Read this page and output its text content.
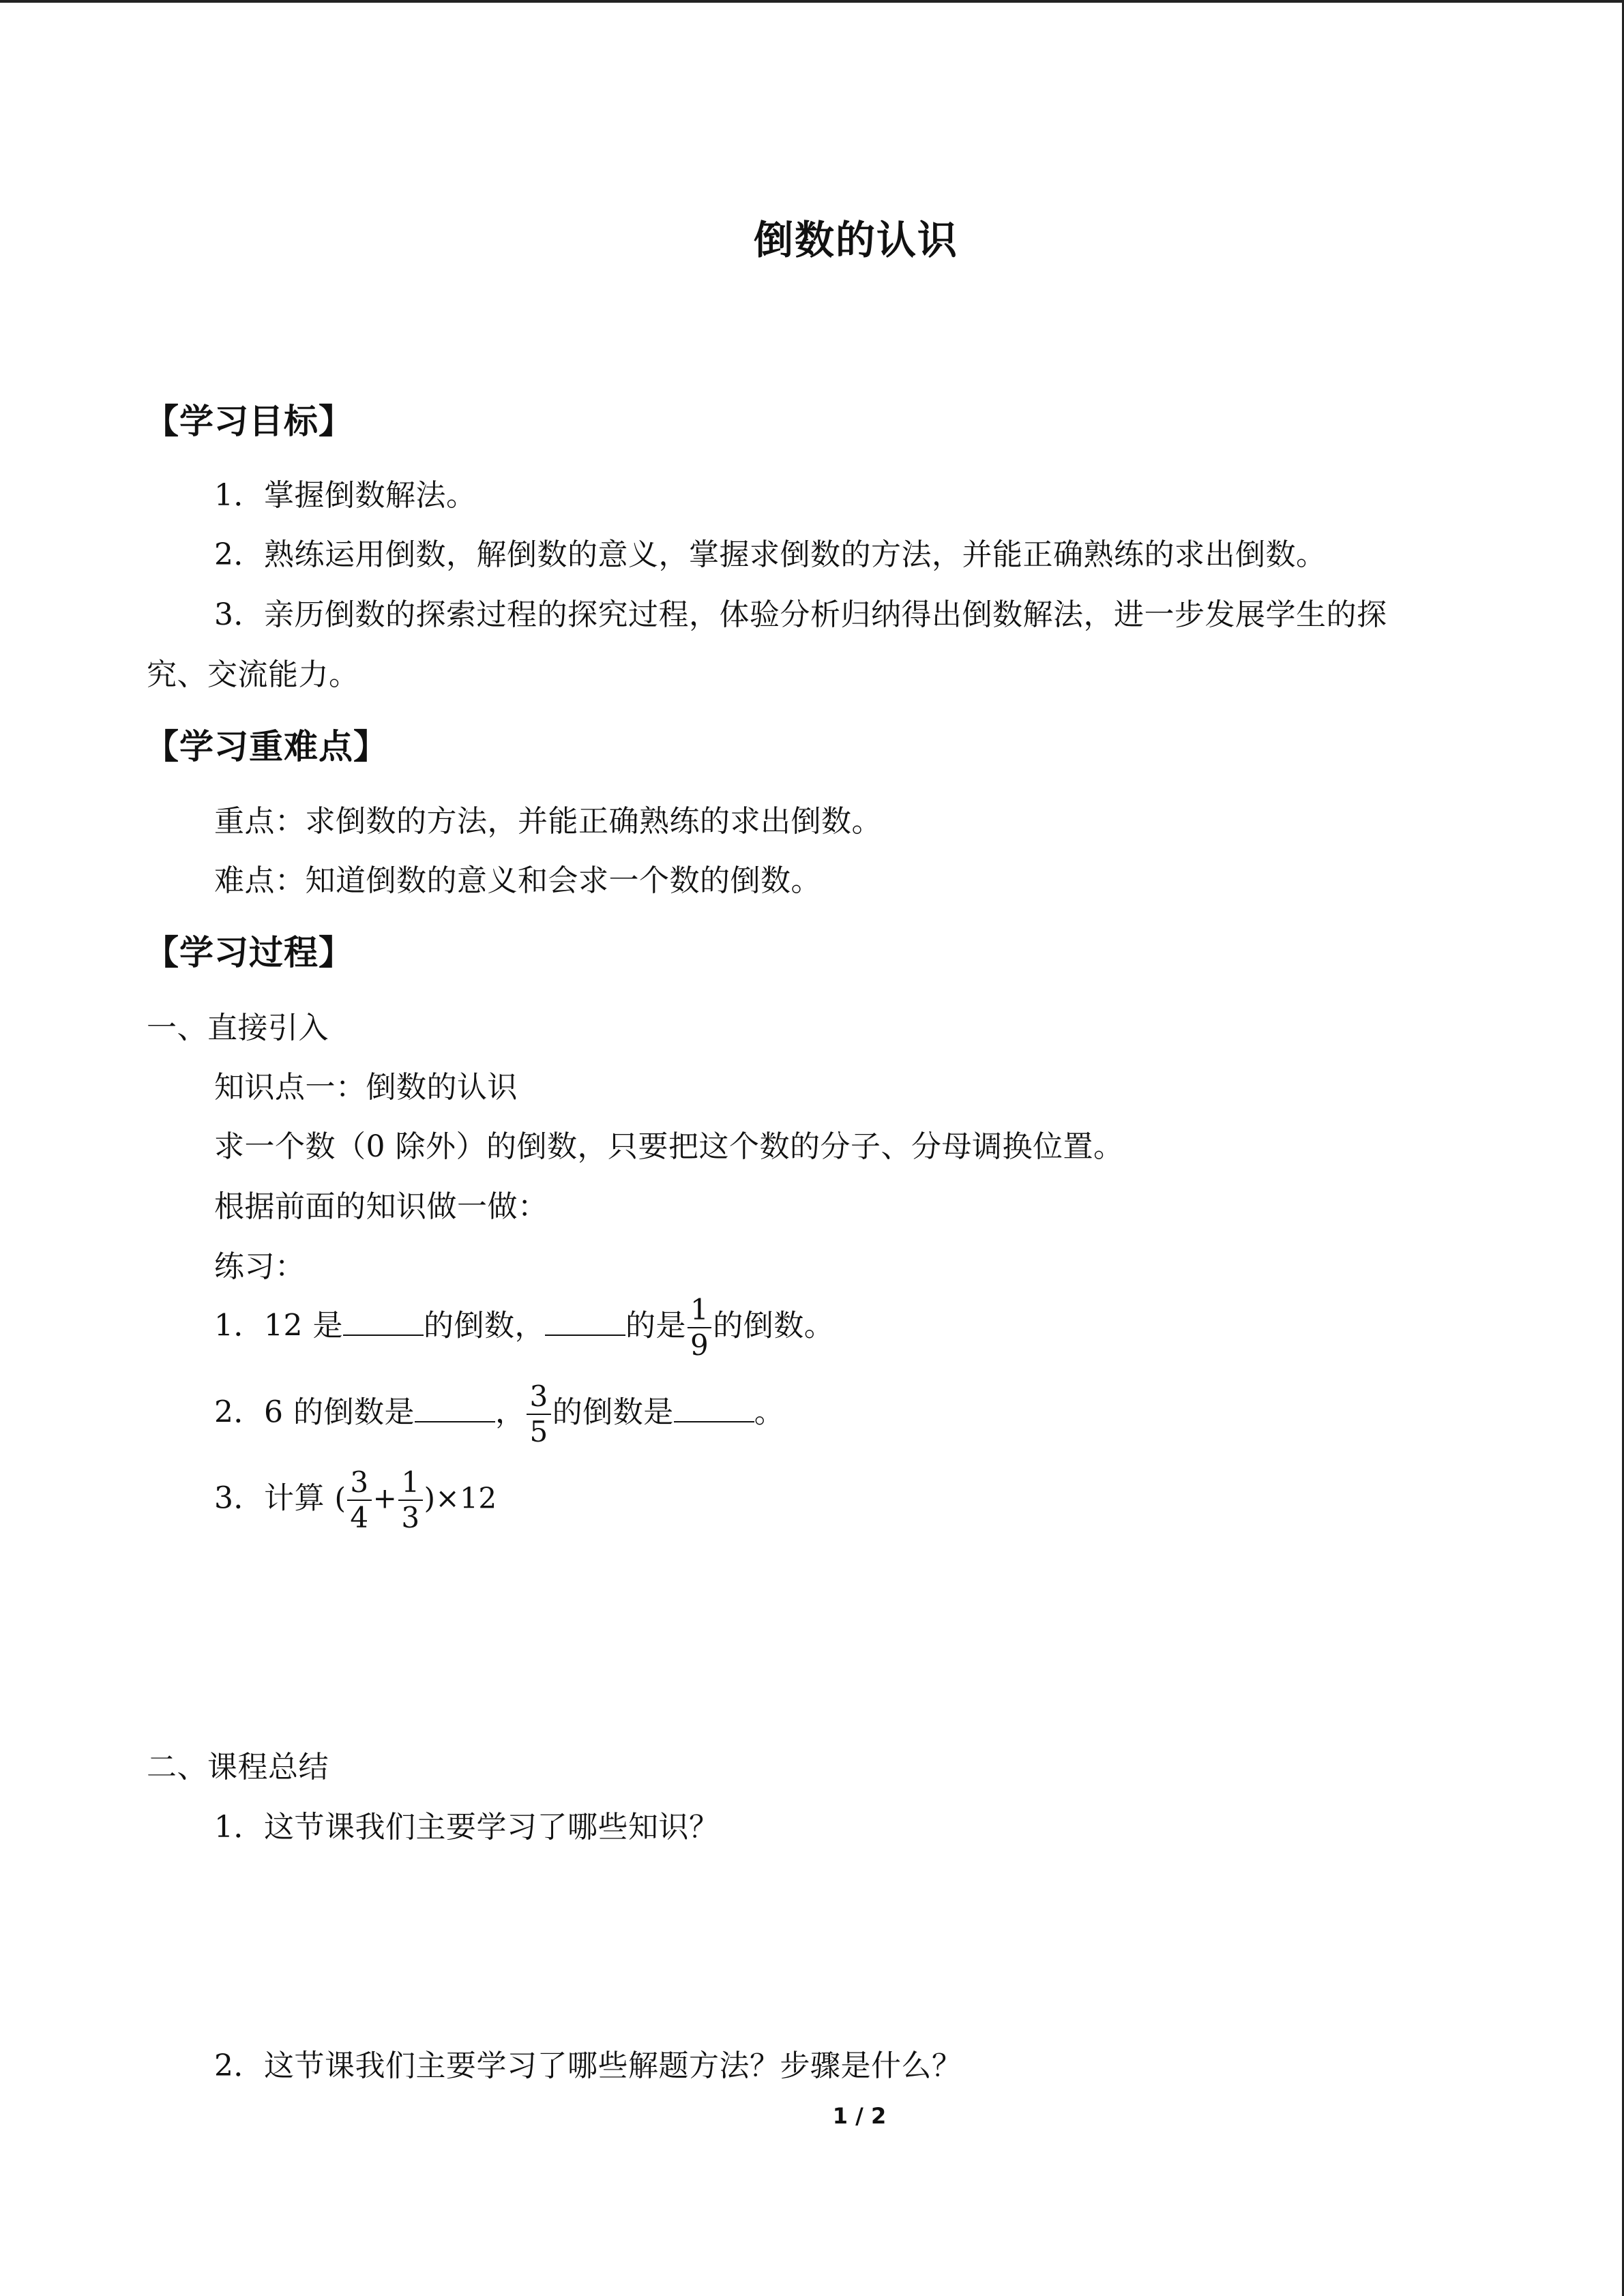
倒数的认识
【学习目标】
1．掌握倒数解法。
2．熟练运用倒数，解倒数的意义，掌握求倒数的方法，并能正确熟练的求出倒数。
3．亲历倒数的探索过程的探究过程，体验分析归纳得出倒数解法，进一步发展学生的探
究、交流能力。
【学习重难点】
重点：求倒数的方法，并能正确熟练的求出倒数。
难点：知道倒数的意义和会求一个数的倒数。
【学习过程】
一、直接引入
知识点一：倒数的认识
求一个数（0 除外）的倒数，只要把这个数的分子、分母调换位置。
根据前面的知识做一做：
练习：
1．12 是	的倒数，	的是 $\frac{1}{9}$ 的倒数。
2．6 的倒数是	， $\frac{3}{5}$ 的倒数是	。
3．计算 ( $\frac{3}{4} + \frac{1}{3} )\times 12$
二、课程总结
1．这节课我们主要学习了哪些知识？
2．这节课我们主要学习了哪些解题方法？步骤是什么？
1 / 2
